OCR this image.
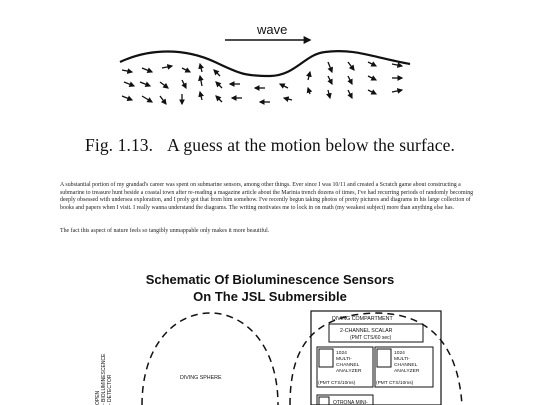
wave
Fig. 1.13. A guess at the motion below the surface.

A substantial portion of my grandad's career was spent on submarine sensors, among other things. Ever since I was 10/11 and created a Scratch game about constructing a submarine to treasure hunt beside a coastal town after re-reading a magazine article about the Marinia trench dozens of times, I've had recurring periods of randomly becoming deeply obsessed with undersea exploration, and I proly got that from him somehow. I've recently begun taking photos of pretty pictures and diagrams in his large collection of books and papers when I visit. I really wanna understand the diagrams. The writing motivates me to lock in on math (my weakest subject) more than anything else has.

The fact this aspect of nature feels so tangibly unmappable only makes it more beautiful.

Schematic Of Bioluminescence Sensors
On The JSL Submersible
DIVING SPHERE
OPEN - BIOLUMINESCENCE - DETECTOR
DIVING COMPARTMENT
2-CHANNEL SCALAR
(PMT CTS/60 sec)
1024
MULTI-
CHANNEL
ANALYZER
(PMT CTS/10ms)
1024
MULTI-
CHANNEL
ANALYZER
(PMT CTS/10ms)
OTRONA MINI-
